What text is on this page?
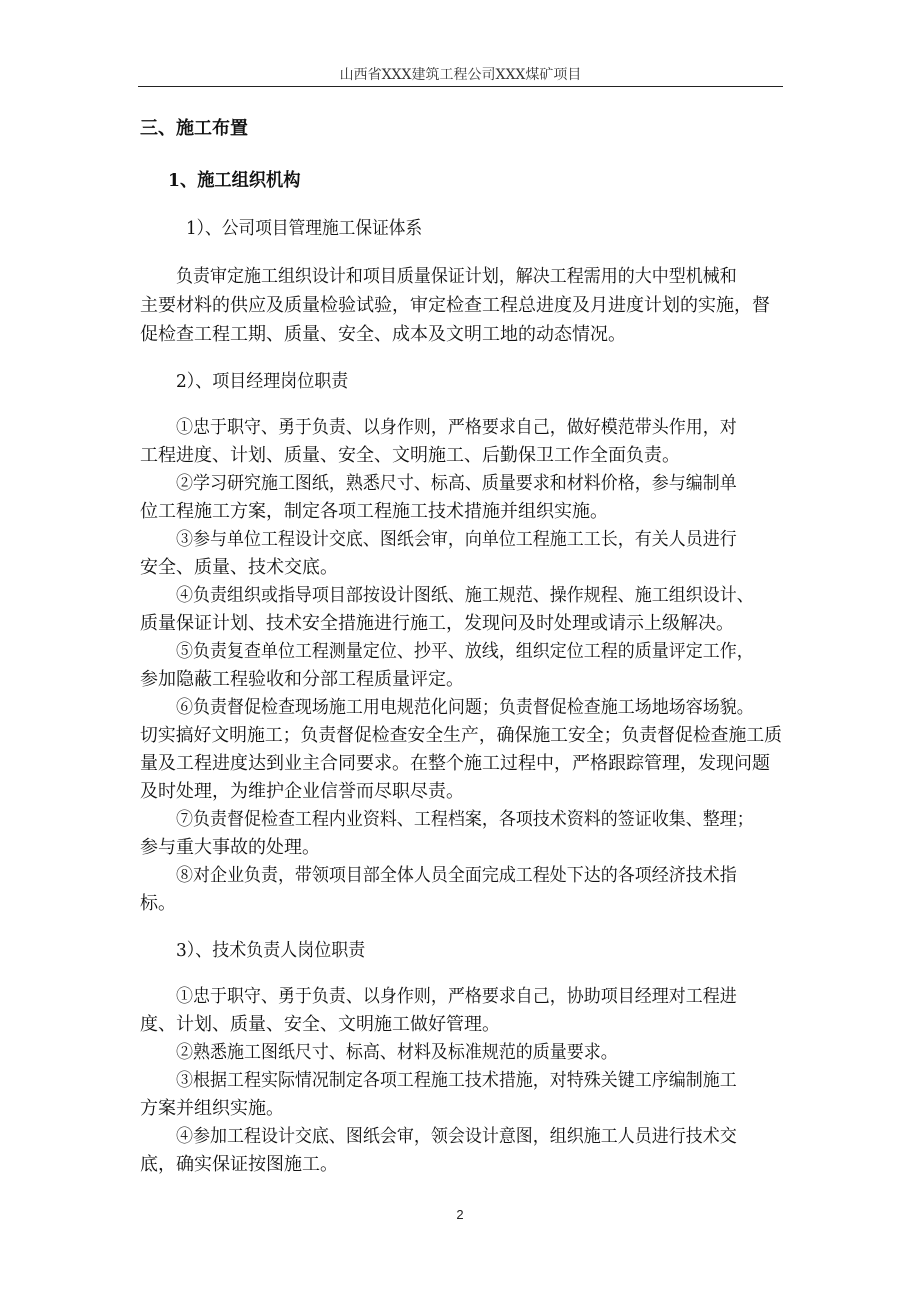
山西省XXX建筑工程公司XXX煤矿项目
三、施工布置
1、施工组织机构
1）、公司项目管理施工保证体系
负责审定施工组织设计和项目质量保证计划，解决工程需用的大中型机械和
主要材料的供应及质量检验试验，审定检查工程总进度及月进度计划的实施，督
促检查工程工期、质量、安全、成本及文明工地的动态情况。
2）、项目经理岗位职责
①忠于职守、勇于负责、以身作则，严格要求自己，做好模范带头作用，对
工程进度、计划、质量、安全、文明施工、后勤保卫工作全面负责。
②学习研究施工图纸，熟悉尺寸、标高、质量要求和材料价格，参与编制单
位工程施工方案，制定各项工程施工技术措施并组织实施。
③参与单位工程设计交底、图纸会审，向单位工程施工工长，有关人员进行
安全、质量、技术交底。
④负责组织或指导项目部按设计图纸、施工规范、操作规程、施工组织设计、
质量保证计划、技术安全措施进行施工，发现问及时处理或请示上级解决。
⑤负责复查单位工程测量定位、抄平、放线，组织定位工程的质量评定工作，
参加隐蔽工程验收和分部工程质量评定。
⑥负责督促检查现场施工用电规范化问题；负责督促检查施工场地场容场貌。
切实搞好文明施工；负责督促检查安全生产，确保施工安全；负责督促检查施工质
量及工程进度达到业主合同要求。在整个施工过程中，严格跟踪管理，发现问题
及时处理，为维护企业信誉而尽职尽责。
⑦负责督促检查工程内业资料、工程档案，各项技术资料的签证收集、整理；
参与重大事故的处理。
⑧对企业负责，带领项目部全体人员全面完成工程处下达的各项经济技术指
标。
3）、技术负责人岗位职责
①忠于职守、勇于负责、以身作则，严格要求自己，协助项目经理对工程进
度、计划、质量、安全、文明施工做好管理。
②熟悉施工图纸尺寸、标高、材料及标准规范的质量要求。
③根据工程实际情况制定各项工程施工技术措施，对特殊关键工序编制施工
方案并组织实施。
④参加工程设计交底、图纸会审，领会设计意图，组织施工人员进行技术交
底，确实保证按图施工。
2
